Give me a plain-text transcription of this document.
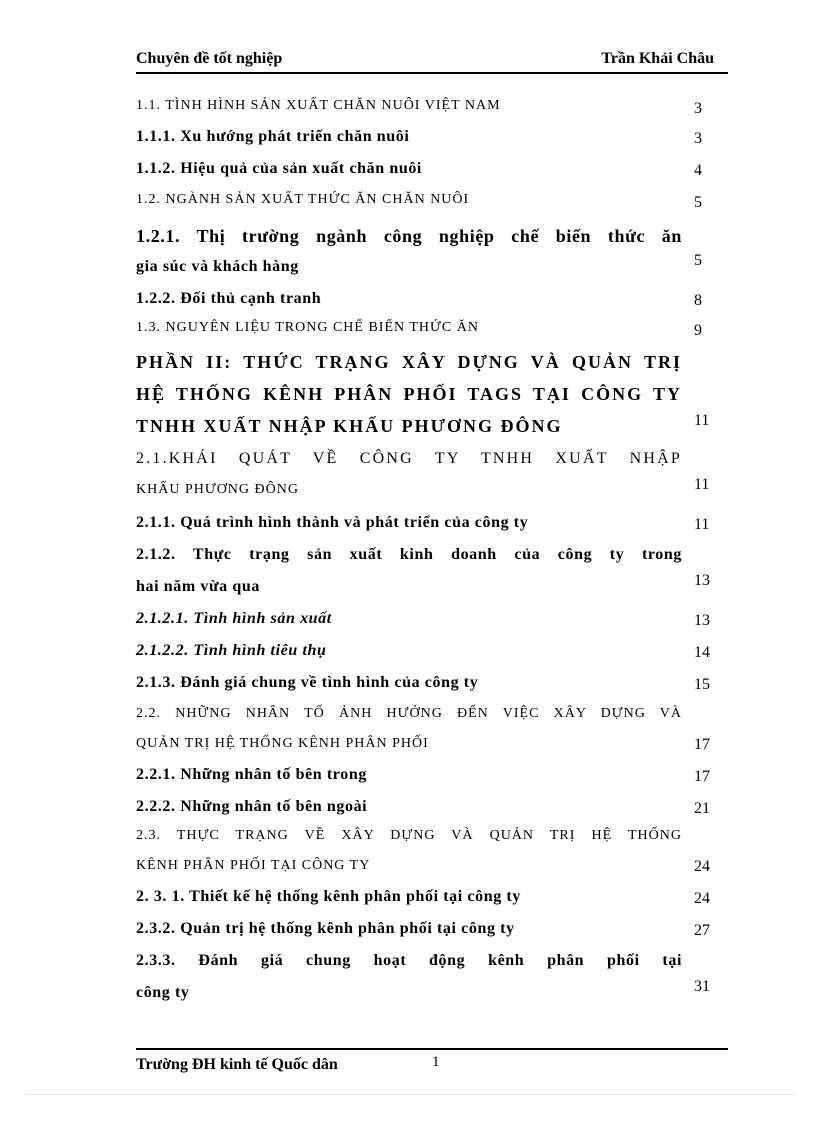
Chuyên đề tốt nghiệp	Trần Khải Châu
1.1. TÌNH HÌNH SẢN XUẤT CHĂN NUÔI VIỆT NAM	3
1.1.1. Xu hướng phát triển chăn nuôi	3
1.1.2. Hiệu quả của sản xuất chăn nuôi	4
1.2. NGÀNH SẢN XUẤT THỨC ĂN CHĂN NUÔI	5
1.2.1. Thị trường ngành công nghiệp chế biến thức ăn
gia súc và khách hàng	5
1.2.2. Đối thủ cạnh tranh	8
1.3. NGUYÊN LIỆU TRONG CHẾ BIẾN THỨC ĂN	9
PHẦN II: THỨC TRẠNG XÂY DỰNG VÀ QUẢN TRỊ
HỆ THỐNG KÊNH PHÂN PHỐI TAGS TẠI CÔNG TY
TNHH XUẤT NHẬP KHẨU PHƯƠNG ĐÔNG	11
2.1.KHÁI QUÁT VỀ CÔNG TY TNHH XUẤT NHẬP
KHẨU PHƯƠNG ĐÔNG	11
2.1.1. Quá trình hình thành và phát triển của công ty	11
2.1.2. Thực trạng sản xuất kinh doanh của công ty trong
hai năm vừa qua	13
2.1.2.1. Tình hình sản xuất	13
2.1.2.2. Tình hình tiêu thụ	14
2.1.3. Đánh giá chung về tình hình của công ty	15
2.2. NHỮNG NHÂN TỐ ẢNH HƯỞNG ĐẾN VIỆC XÂY DỰNG VÀ
QUẢN TRỊ HỆ THỐNG KÊNH PHÂN PHỐI	17
2.2.1. Những nhân tố bên trong	17
2.2.2. Những nhân tố bên ngoài	21
2.3. THỰC TRẠNG VỀ XÂY DỰNG VÀ QUẢN TRỊ HỆ THỐNG
KÊNH PHÂN PHỐI TẠI CÔNG TY	24
2. 3. 1. Thiết kế hệ thống kênh phân phối tại công ty	24
2.3.2. Quản trị hệ thống kênh phân phối tại công ty	27
2.3.3. Đánh giá chung hoạt động kênh phân phối tại
công ty	31
Trường ĐH kinh tế Quốc dân	1
